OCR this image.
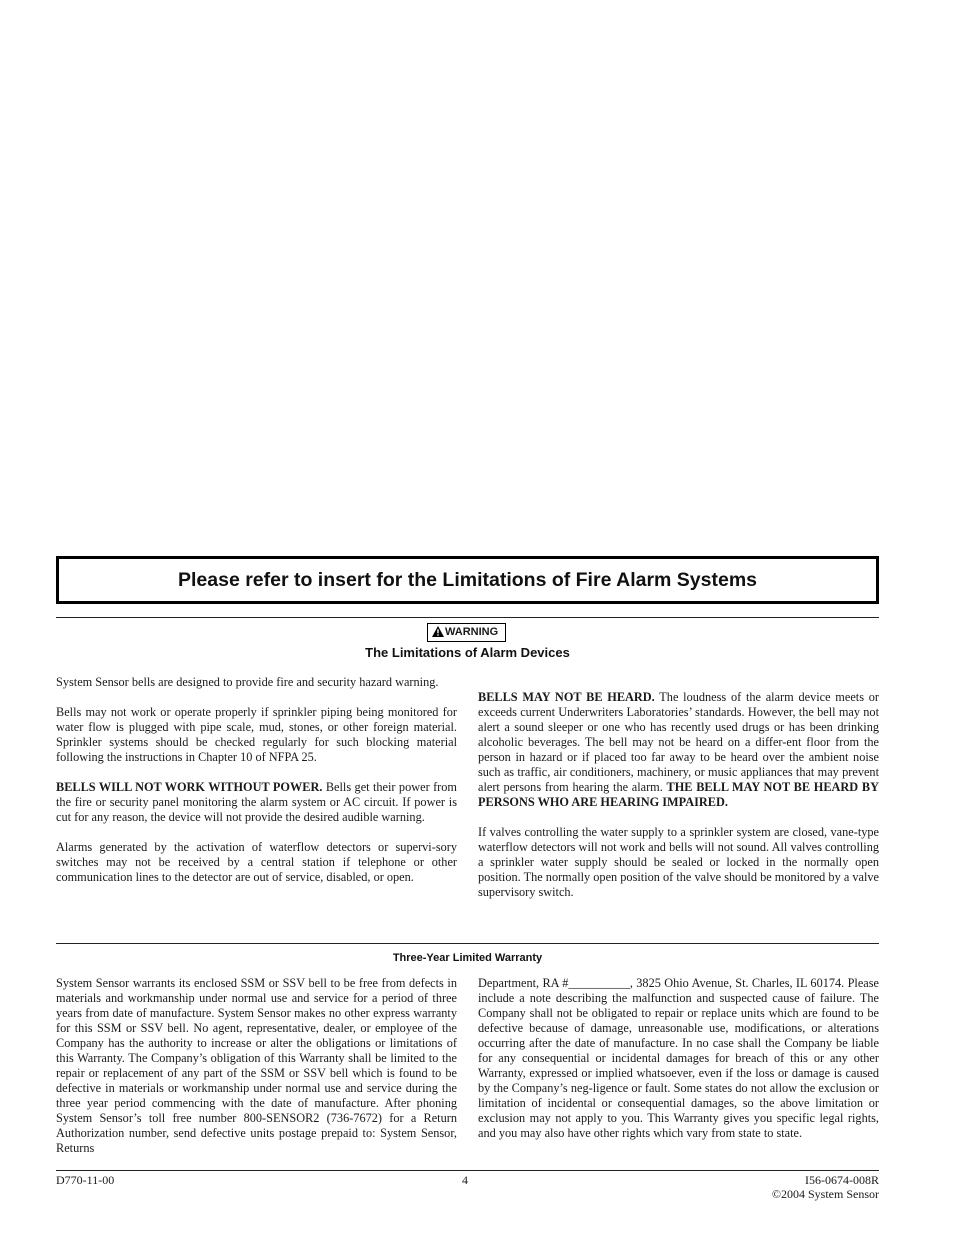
Please refer to insert for the Limitations of Fire Alarm Systems
WARNING
The Limitations of Alarm Devices

System Sensor bells are designed to provide fire and security hazard warning.

Bells may not work or operate properly if sprinkler piping being monitored for water flow is plugged with pipe scale, mud, stones, or other foreign material. Sprinkler systems should be checked regularly for such blocking material following the instructions in Chapter 10 of NFPA 25.

BELLS WILL NOT WORK WITHOUT POWER. Bells get their power from the fire or security panel monitoring the alarm system or AC circuit. If power is cut for any reason, the device will not provide the desired audible warning.

Alarms generated by the activation of waterflow detectors or supervi-sory switches may not be received by a central station if telephone or other communication lines to the detector are out of service, disabled, or open.

BELLS MAY NOT BE HEARD. The loudness of the alarm device meets or exceeds current Underwriters Laboratories’ standards. However, the bell may not alert a sound sleeper or one who has recently used drugs or has been drinking alcoholic beverages. The bell may not be heard on a differ-ent floor from the person in hazard or if placed too far away to be heard over the ambient noise such as traffic, air conditioners, machinery, or music appliances that may prevent alert persons from hearing the alarm. THE BELL MAY NOT BE HEARD BY PERSONS WHO ARE HEARING IMPAIRED.

If valves controlling the water supply to a sprinkler system are closed, vane-type waterflow detectors will not work and bells will not sound. All valves controlling a sprinkler water supply should be sealed or locked in the normally open position. The normally open position of the valve should be monitored by a valve supervisory switch.

Three-Year Limited Warranty

System Sensor warrants its enclosed SSM or SSV bell to be free from defects in materials and workmanship under normal use and service for a period of three years from date of manufacture. System Sensor makes no other express warranty for this SSM or SSV bell. No agent, representative, dealer, or employee of the Company has the authority to increase or alter the obligations or limitations of this Warranty. The Company’s obligation of this Warranty shall be limited to the repair or replacement of any part of the SSM or SSV bell which is found to be defective in materials or workmanship under normal use and service during the three year period commencing with the date of manufacture. After phoning System Sensor’s toll free number 800-SENSOR2 (736-7672) for a Return Authorization number, send defective units postage prepaid to: System Sensor, Returns

Department, RA #__________, 3825 Ohio Avenue, St. Charles, IL 60174. Please include a note describing the malfunction and suspected cause of failure. The Company shall not be obligated to repair or replace units which are found to be defective because of damage, unreasonable use, modifications, or alterations occurring after the date of manufacture. In no case shall the Company be liable for any consequential or incidental damages for breach of this or any other Warranty, expressed or implied whatsoever, even if the loss or damage is caused by the Company’s neg-ligence or fault. Some states do not allow the exclusion or limitation of incidental or consequential damages, so the above limitation or exclusion may not apply to you. This Warranty gives you specific legal rights, and you may also have other rights which vary from state to state.

D770-11-00	4	I56-0674-008R
©2004 System Sensor
